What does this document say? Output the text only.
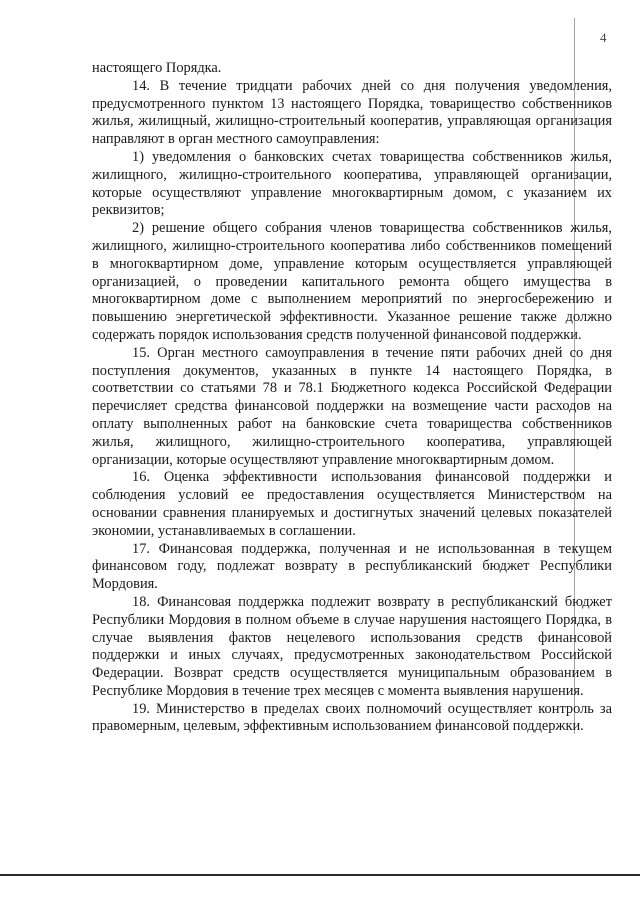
4

настоящего Порядка.

14. В течение тридцати рабочих дней со дня получения уведомления, предусмотренного пунктом 13 настоящего Порядка, товарищество собственников жилья, жилищный, жилищно-строительный кооператив, управляющая организация направляют в орган местного самоуправления:

1) уведомления о банковских счетах товарищества собственников жилья, жилищного, жилищно-строительного кооператива, управляющей организации, которые осуществляют управление многоквартирным домом, с указанием их реквизитов;

2) решение общего собрания членов товарищества собственников жилья, жилищного, жилищно-строительного кооператива либо собственников помещений в многоквартирном доме, управление которым осуществляется управляющей организацией, о проведении капитального ремонта общего имущества в многоквартирном доме с выполнением мероприятий по энергосбережению и повышению энергетической эффективности. Указанное решение также должно содержать порядок использования средств полученной финансовой поддержки.

15. Орган местного самоуправления в течение пяти рабочих дней со дня поступления документов, указанных в пункте 14 настоящего Порядка, в соответствии со статьями 78 и 78.1 Бюджетного кодекса Российской Федерации перечисляет средства финансовой поддержки на возмещение части расходов на оплату выполненных работ на банковские счета товарищества собственников жилья, жилищного, жилищно-строительного кооператива, управляющей организации, которые осуществляют управление многоквартирным домом.

16. Оценка эффективности использования финансовой поддержки и соблюдения условий ее предоставления осуществляется Министерством на основании сравнения планируемых и достигнутых значений целевых показателей экономии, устанавливаемых в соглашении.

17. Финансовая поддержка, полученная и не использованная в текущем финансовом году, подлежат возврату в республиканский бюджет Республики Мордовия.

18. Финансовая поддержка подлежит возврату в республиканский бюджет Республики Мордовия в полном объеме в случае нарушения настоящего Порядка, в случае выявления фактов нецелевого использования средств финансовой поддержки и иных случаях, предусмотренных законодательством Российской Федерации. Возврат средств осуществляется муниципальным образованием в Республике Мордовия в течение трех месяцев с момента выявления нарушения.

19. Министерство в пределах своих полномочий осуществляет контроль за правомерным, целевым, эффективным использованием финансовой поддержки.
